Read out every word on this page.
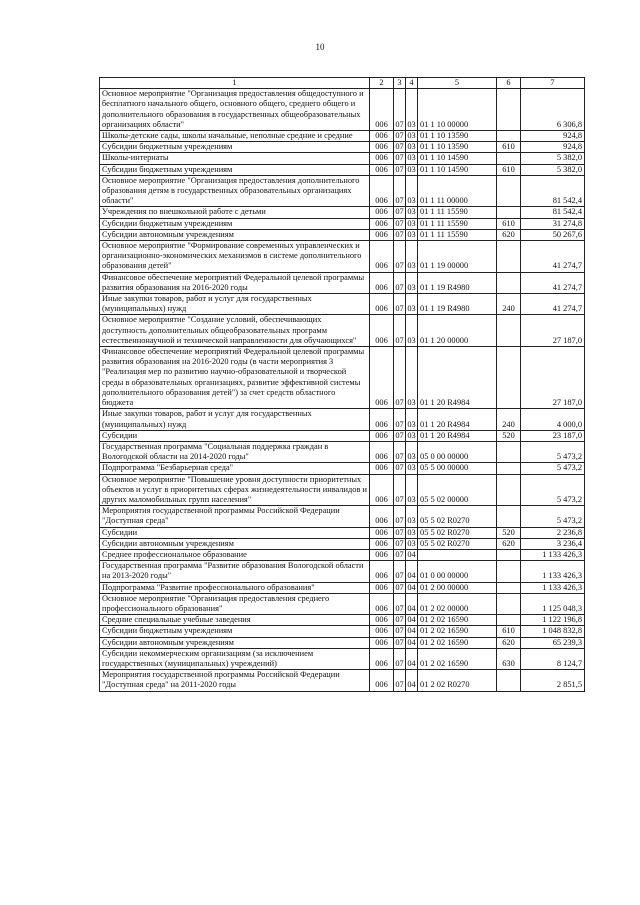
10
1	2	3	4	5	6	7
Основное мероприятие "Организация предоставления общедоступного и бесплатного начального общего, основного общего, среднего общего и дополнительного образования в государственных общеобразовательных организациях области"	006	07	03	01 1 10 00000		6 306,8
Школы-детские сады, школы начальные, неполные средние и средние	006	07	03	01 1 10 13590		924,8
Субсидии бюджетным учреждениям	006	07	03	01 1 10 13590	610	924,8
Школы-интернаты	006	07	03	01 1 10 14590		5 382,0
Субсидии бюджетным учреждениям	006	07	03	01 1 10 14590	610	5 382,0
Основное мероприятие "Организация предоставления дополнительного образования детям в государственных образовательных организациях области"	006	07	03	01 1 11 00000		81 542,4
Учреждения по внешкольной работе с детьми	006	07	03	01 1 11 15590		81 542,4
Субсидии бюджетным учреждениям	006	07	03	01 1 11 15590	610	31 274,8
Субсидии автономным учреждениям	006	07	03	01 1 11 15590	620	50 267,6
Основное мероприятие "Формирование современных управленческих и организационно-экономических механизмов в системе дополнительного образования детей"	006	07	03	01 1 19 00000		41 274,7
Финансовое обеспечение мероприятий Федеральной целевой программы развития образования на 2016-2020 годы	006	07	03	01 1 19 R4980		41 274,7
Иные закупки товаров, работ и услуг для государственных (муниципальных) нужд	006	07	03	01 1 19 R4980	240	41 274,7
Основное мероприятие "Создание условий, обеспечивающих доступность дополнительных общеобразовательных программ естественнонаучной и технической направленности для обучающихся"	006	07	03	01 1 20 00000		27 187,0
Финансовое обеспечение мероприятий Федеральной целевой программы развития образования на 2016-2020 годы (в части мероприятия 3 "Реализация мер по развитию научно-образовательной и творческой среды в образовательных организациях, развитие эффективной системы дополнительного образования детей") за счет средств областного бюджета	006	07	03	01 1 20 R4984		27 187,0
Иные закупки товаров, работ и услуг для государственных (муниципальных) нужд	006	07	03	01 1 20 R4984	240	4 000,0
Субсидии	006	07	03	01 1 20 R4984	520	23 187,0
Государственная программа "Социальная поддержка граждан в Вологодской области на 2014-2020 годы"	006	07	03	05 0 00 00000		5 473,2
Подпрограмма "Безбарьерная среда"	006	07	03	05 5 00 00000		5 473,2
Основное мероприятие "Повышение уровня доступности приоритетных объектов и услуг в приоритетных сферах жизнедеятельности инвалидов и других маломобильных групп населения"	006	07	03	05 5 02 00000		5 473,2
Мероприятия государственной программы Российской Федерации "Доступная среда"	006	07	03	05 5 02 R0270		5 473,2
Субсидии	006	07	03	05 5 02 R0270	520	2 236,8
Субсидии автономным учреждениям	006	07	03	05 5 02 R0270	620	3 236,4
Среднее профессиональное образование	006	07	04			1 133 426,3
Государственная программа "Развитие образования Вологодской области на 2013-2020 годы"	006	07	04	01 0 00 00000		1 133 426,3
Подпрограмма "Развитие профессионального образования"	006	07	04	01 2 00 00000		1 133 426,3
Основное мероприятие "Организация предоставления среднего профессионального образования"	006	07	04	01 2 02 00000		1 125 048,3
Средние специальные учебные заведения	006	07	04	01 2 02 16590		1 122 196,8
Субсидии бюджетным учреждениям	006	07	04	01 2 02 16590	610	1 048 832,8
Субсидии автономным учреждениям	006	07	04	01 2 02 16590	620	65 239,3
Субсидии некоммерческим организациям (за исключением государственных (муниципальных) учреждений)	006	07	04	01 2 02 16590	630	8 124,7
Мероприятия государственной программы Российской Федерации "Доступная среда" на 2011-2020 годы	006	07	04	01 2 02 R0270		2 851,5
